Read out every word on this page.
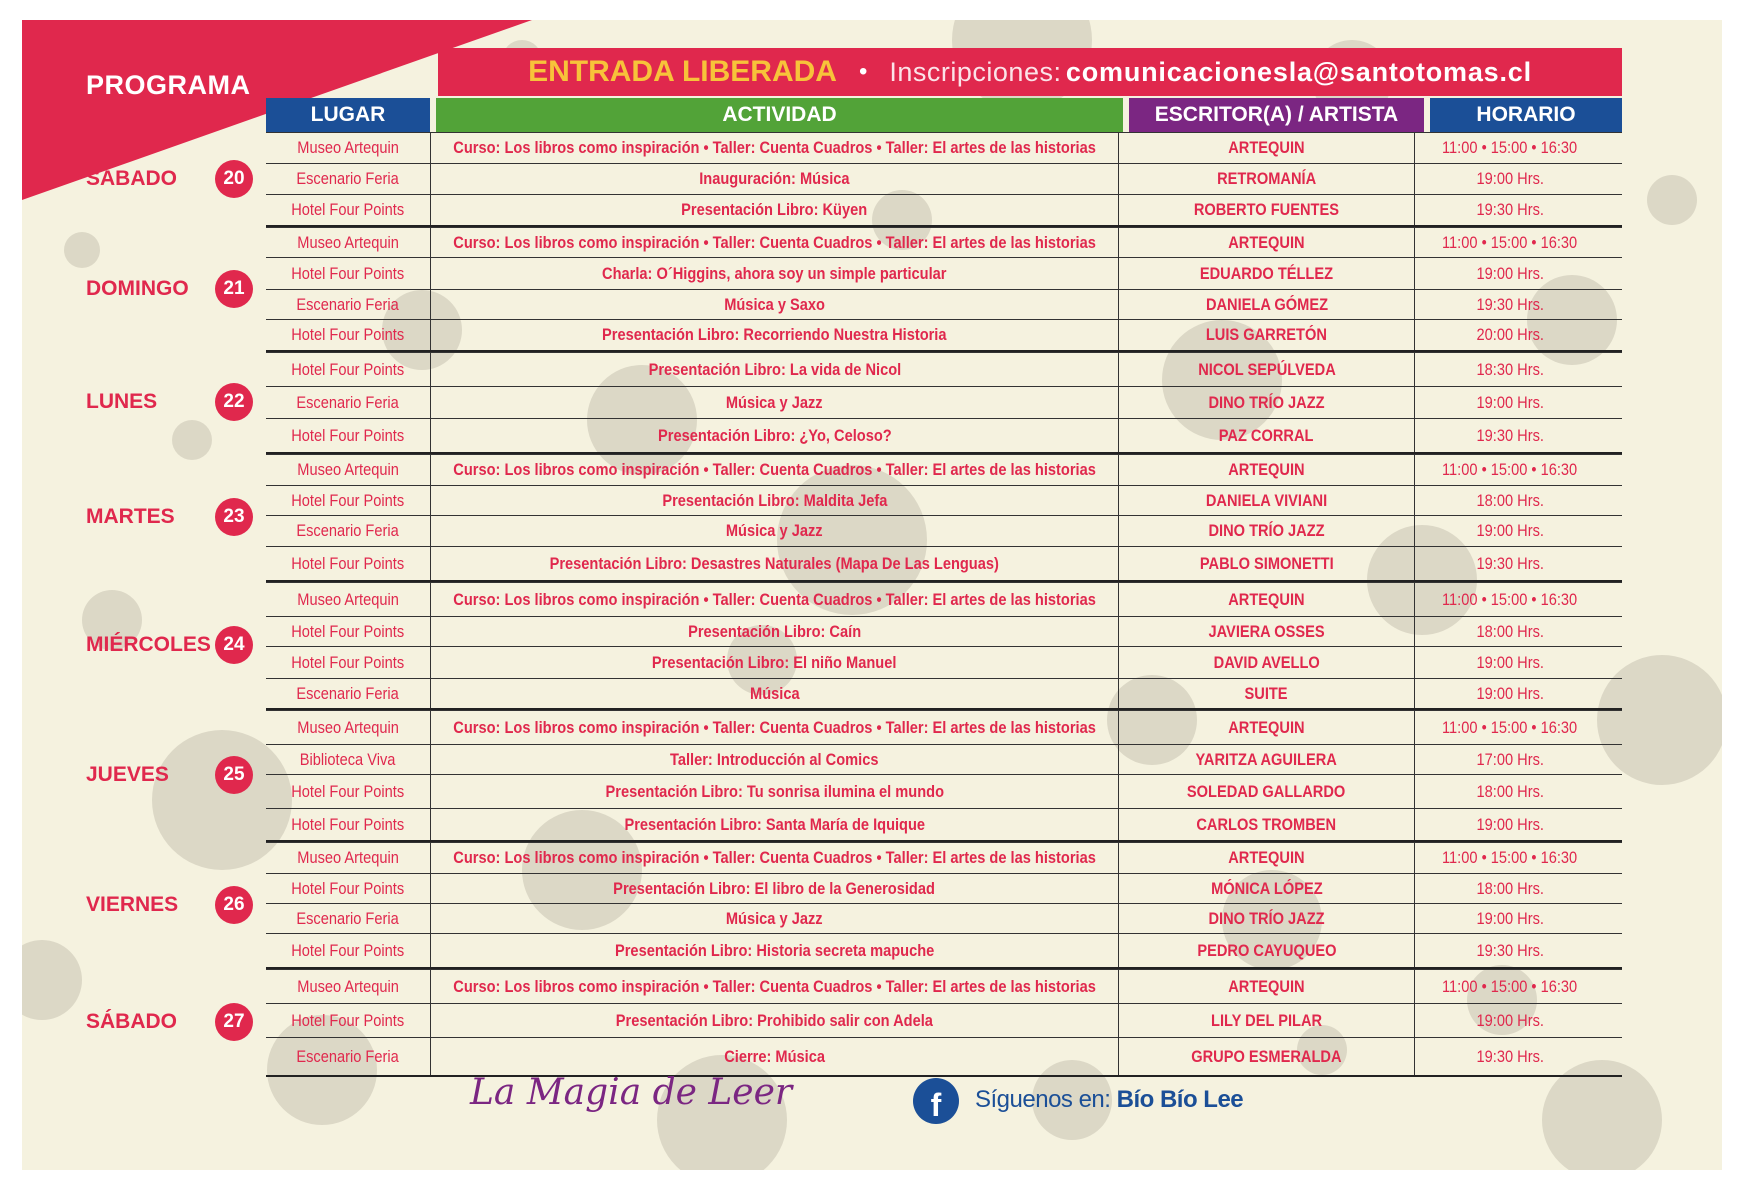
PROGRAMA	ENTRADA LIBERADA • Inscripciones: comunicacionesla@santotomas.cl
LUGAR	ACTIVIDAD	ESCRITOR(A) / ARTISTA	HORARIO
SÁBADO	20
Museo Artequin	Curso: Los libros como inspiración • Taller: Cuenta Cuadros • Taller: El artes de las historias	ARTEQUIN	11:00 • 15:00 • 16:30
Escenario Feria	Inauguración: Música	RETROMANÍA	19:00 Hrs.
Hotel Four Points	Presentación Libro: Küyen	ROBERTO FUENTES	19:30 Hrs.
DOMINGO	21
Museo Artequin	Curso: Los libros como inspiración • Taller: Cuenta Cuadros • Taller: El artes de las historias	ARTEQUIN	11:00 • 15:00 • 16:30
Hotel Four Points	Charla: O´Higgins, ahora soy un simple particular	EDUARDO TÉLLEZ	19:00 Hrs.
Escenario Feria	Música y Saxo	DANIELA GÓMEZ	19:30 Hrs.
Hotel Four Points	Presentación Libro: Recorriendo Nuestra Historia	LUIS GARRETÓN	20:00 Hrs.
LUNES	22
Hotel Four Points	Presentación Libro: La vida de Nicol	NICOL SEPÚLVEDA	18:30 Hrs.
Escenario Feria	Música y Jazz	DINO TRÍO JAZZ	19:00 Hrs.
Hotel Four Points	Presentación Libro: ¿Yo, Celoso?	PAZ CORRAL	19:30 Hrs.
MARTES	23
Museo Artequin	Curso: Los libros como inspiración • Taller: Cuenta Cuadros • Taller: El artes de las historias	ARTEQUIN	11:00 • 15:00 • 16:30
Hotel Four Points	Presentación Libro: Maldita Jefa	DANIELA VIVIANI	18:00 Hrs.
Escenario Feria	Música y Jazz	DINO TRÍO JAZZ	19:00 Hrs.
Hotel Four Points	Presentación Libro: Desastres Naturales (Mapa De Las Lenguas)	PABLO SIMONETTI	19:30 Hrs.
MIÉRCOLES 24
Museo Artequin	Curso: Los libros como inspiración • Taller: Cuenta Cuadros • Taller: El artes de las historias	ARTEQUIN	11:00 • 15:00 • 16:30
Hotel Four Points	Presentación Libro: Caín	JAVIERA OSSES	18:00 Hrs.
Hotel Four Points	Presentación Libro: El niño Manuel	DAVID AVELLO	19:00 Hrs.
Escenario Feria	Música	SUITE	19:00 Hrs.
JUEVES	25
Museo Artequin	Curso: Los libros como inspiración • Taller: Cuenta Cuadros • Taller: El artes de las historias	ARTEQUIN	11:00 • 15:00 • 16:30
Biblioteca Viva	Taller: Introducción al Comics	YARITZA AGUILERA	17:00 Hrs.
Hotel Four Points	Presentación Libro: Tu sonrisa ilumina el mundo	SOLEDAD GALLARDO	18:00 Hrs.
Hotel Four Points	Presentación Libro: Santa María de Iquique	CARLOS TROMBEN	19:00 Hrs.
VIERNES	26
Museo Artequin	Curso: Los libros como inspiración • Taller: Cuenta Cuadros • Taller: El artes de las historias	ARTEQUIN	11:00 • 15:00 • 16:30
Hotel Four Points	Presentación Libro: El libro de la Generosidad	MÓNICA LÓPEZ	18:00 Hrs.
Escenario Feria	Música y Jazz	DINO TRÍO JAZZ	19:00 Hrs.
Hotel Four Points	Presentación Libro: Historia secreta mapuche	PEDRO CAYUQUEO	19:30 Hrs.
SÁBADO	27
Museo Artequin	Curso: Los libros como inspiración • Taller: Cuenta Cuadros • Taller: El artes de las historias	ARTEQUIN	11:00 • 15:00 • 16:30
Hotel Four Points	Presentación Libro: Prohibido salir con Adela	LILY DEL PILAR	19:00 Hrs.
Escenario Feria	Cierre: Música	GRUPO ESMERALDA	19:30 Hrs.
La Magia de Leer	f	Síguenos en: Bío Bío Lee
